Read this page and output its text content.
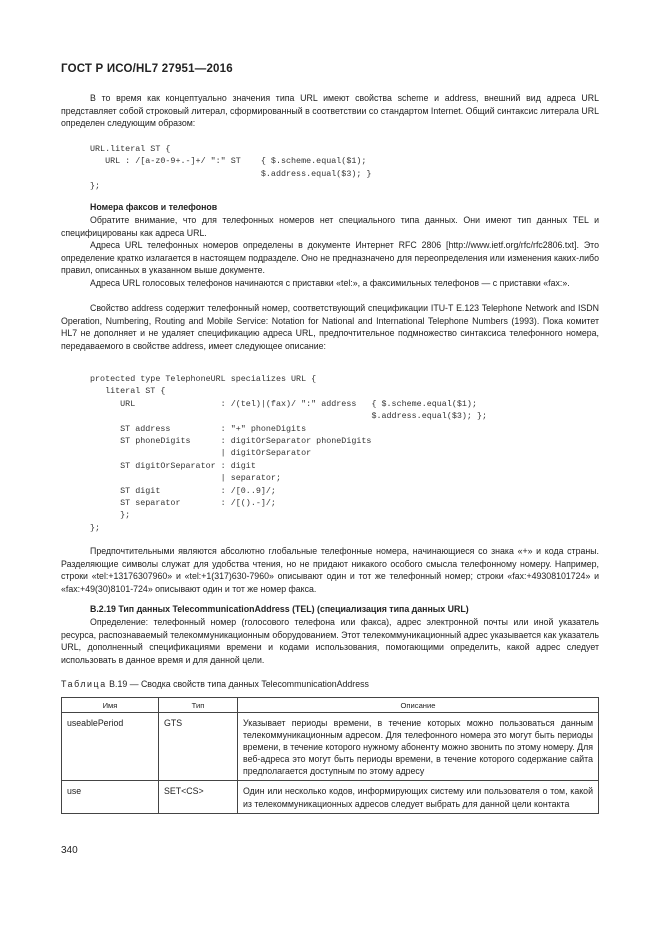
ГОСТ Р ИСО/HL7 27951—2016

В то время как концептуально значения типа URL имеют свойства scheme и address, внешний вид адреса URL представляет собой строковый литерал, сформированный в соответствии со стандартом Internet. Общий синтаксис литерала URL определен следующим образом:

URL.literal ST {
URL : /[a-z0-9+.-]+/ ":" ST    { $.scheme.equal($1);
$.address.equal($3); }
};

Номера факсов и телефонов

Обратите внимание, что для телефонных номеров нет специального типа данных. Они имеют тип данных TEL и специфицированы как адреса URL.

Адреса URL телефонных номеров определены в документе Интернет RFC 2806 [http://www.ietf.org/rfc/rfc2806.txt]. Это определение кратко излагается в настоящем подразделе. Оно не предназначено для переопределения или изменения каких-либо правил, описанных в указанном выше документе.

Адреса URL голосовых телефонов начинаются с приставки «tel:», а факсимильных телефонов — с приставки «fax:».

Свойство address содержит телефонный номер, соответствующий спецификации ITU-T E.123 Telephone Network and ISDN Operation, Numbering, Routing and Mobile Service: Notation for National and International Telephone Numbers (1993). Пока комитет HL7 не дополняет и не удаляет спецификацию адреса URL, предпочтительное подмножество синтаксиса телефонного номера, передаваемого в свойстве address, имеет следующее описание:

protected type TelephoneURL specializes URL {
literal ST {
URL                 : /(tel)|(fax)/ ":" address   { $.scheme.equal($1);
$.address.equal($3); };
ST address          : "+" phoneDigits
ST phoneDigits      : digitOrSeparator phoneDigits
| digitOrSeparator
ST digitOrSeparator : digit
| separator;
ST digit            : /[0..9]/;
ST separator        : /[().-]/;
};
};

Предпочтительными являются абсолютно глобальные телефонные номера, начинающиеся со знака «+» и кода страны. Разделяющие символы служат для удобства чтения, но не придают никакого особого смысла телефонному номеру. Например, строки «tel:+13176307960» и «tel:+1(317)630-7960» описывают один и тот же телефонный номер; строки «fax:+49308101724» и «fax:+49(30)8101-724» описывают один и тот же номер факса.

B.2.19 Тип данных TelecommunicationAddress (TEL) (специализация типа данных URL)

Определение: телефонный номер (голосового телефона или факса), адрес электронной почты или иной указатель ресурса, распознаваемый телекоммуникационным оборудованием. Этот телекоммуникационный адрес указывается как указатель URL, дополненный спецификациями времени и кодами использования, помогающими определить, какой адрес следует использовать в данное время и для данной цели.

Таблица B.19 — Сводка свойств типа данных TelecommunicationAddress
Имя	Тип	Описание
useablePeriod	GTS	Указывает периоды времени, в течение которых можно пользоваться данным телекоммуникационным адресом. Для телефонного номера это могут быть периоды времени, в течение которого нужному абоненту можно звонить по этому номеру. Для веб-адреса это могут быть периоды времени, в течение которого содержание сайта предполагается доступным по этому адресу
use	SET<CS>	Один или несколько кодов, информирующих систему или пользователя о том, какой из телекоммуникационных адресов следует выбрать для данной цели контакта
340
